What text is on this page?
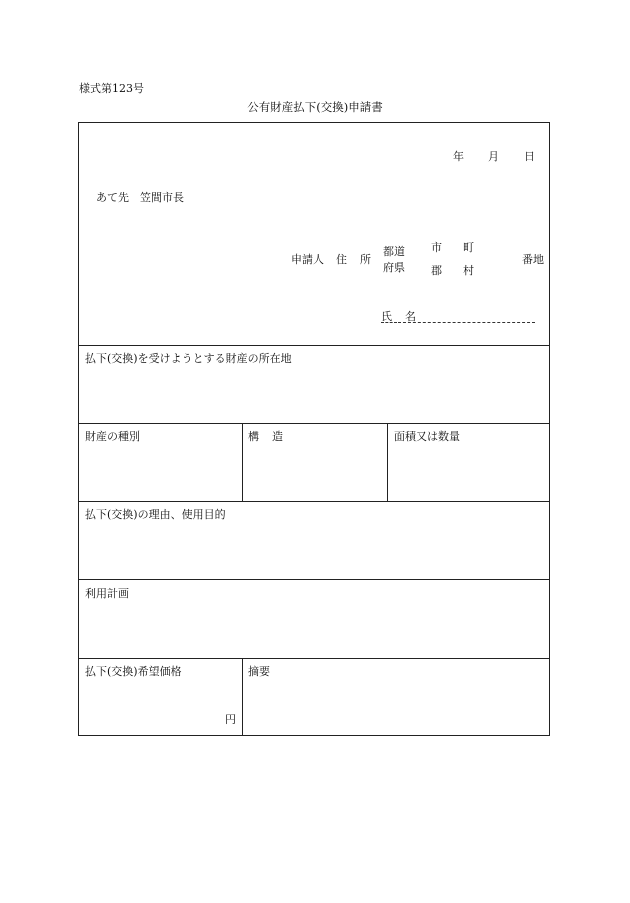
様式第123号
公有財産払下(交換)申請書
年 月 日
あて先　笠間市長
申請人 住 所
都道
府県
市 町
郡 村
番地
氏 名
払下(交換)を受けようとする財産の所在地
財産の種別	構 造	面積又は数量
払下(交換)の理由、使用目的
利用計画
払下(交換)希望価格
円
摘要
